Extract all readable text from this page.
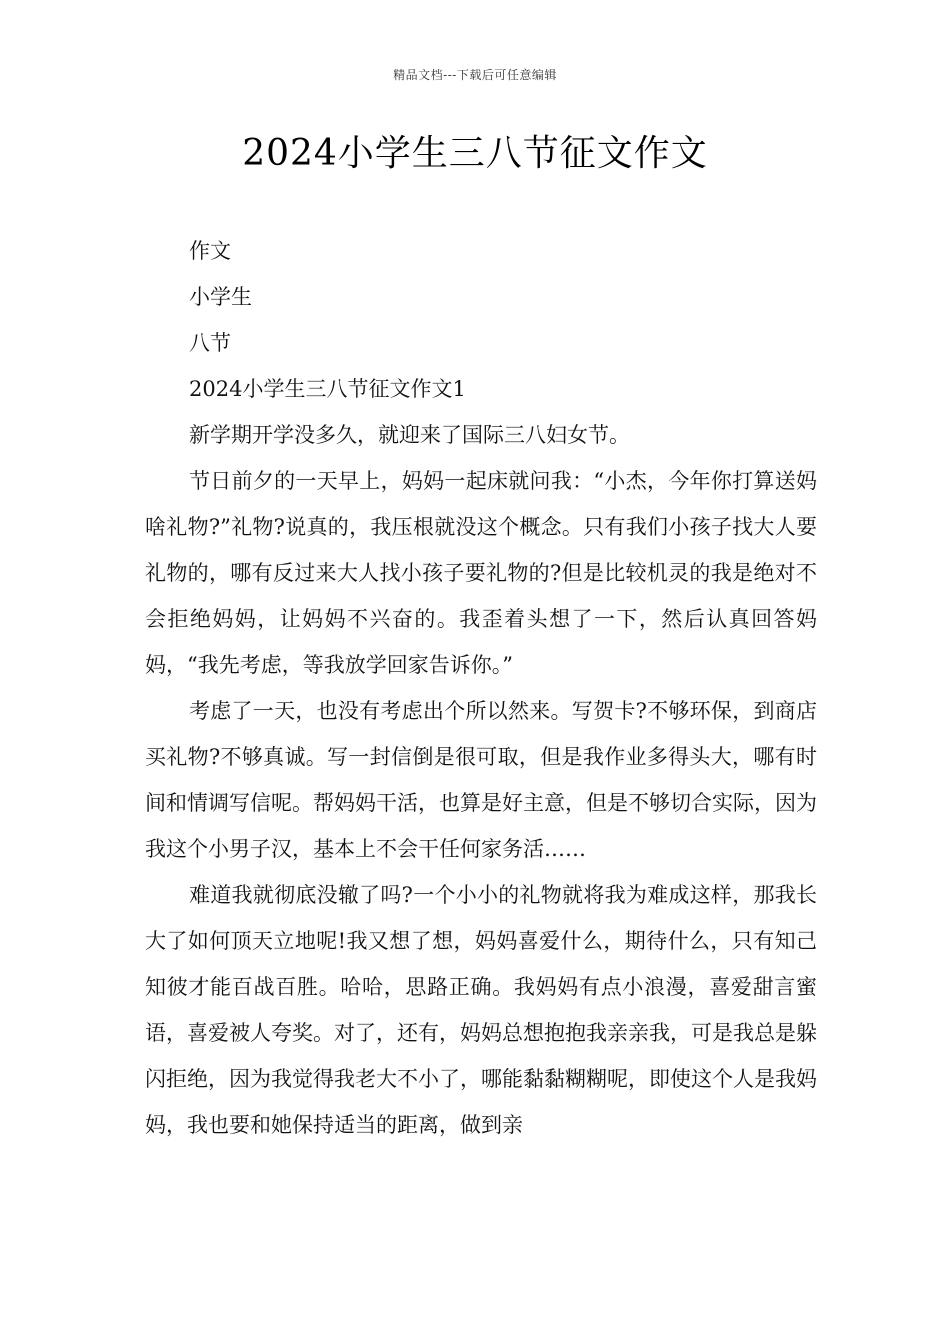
精品文档---下载后可任意编辑
2024小学生三八节征文作文

作文

小学生

八节

2024小学生三八节征文作文1

新学期开学没多久，就迎来了国际三八妇女节。

节日前夕的一天早上，妈妈一起床就问我：“小杰，今年你打算送妈啥礼物?”礼物?说真的，我压根就没这个概念。只有我们小孩子找大人要礼物的，哪有反过来大人找小孩子要礼物的?但是比较机灵的我是绝对不会拒绝妈妈，让妈妈不兴奋的。我歪着头想了一下，然后认真回答妈妈，“我先考虑，等我放学回家告诉你。”

考虑了一天，也没有考虑出个所以然来。写贺卡?不够环保，到商店买礼物?不够真诚。写一封信倒是很可取，但是我作业多得头大，哪有时间和情调写信呢。帮妈妈干活，也算是好主意，但是不够切合实际，因为我这个小男子汉，基本上不会干任何家务活……

难道我就彻底没辙了吗?一个小小的礼物就将我为难成这样，那我长大了如何顶天立地呢!我又想了想，妈妈喜爱什么，期待什么，只有知己知彼才能百战百胜。哈哈，思路正确。我妈妈有点小浪漫，喜爱甜言蜜语，喜爱被人夸奖。对了，还有，妈妈总想抱抱我亲亲我，可是我总是躲闪拒绝，因为我觉得我老大不小了，哪能黏黏糊糊呢，即使这个人是我妈妈，我也要和她保持适当的距离，做到亲
